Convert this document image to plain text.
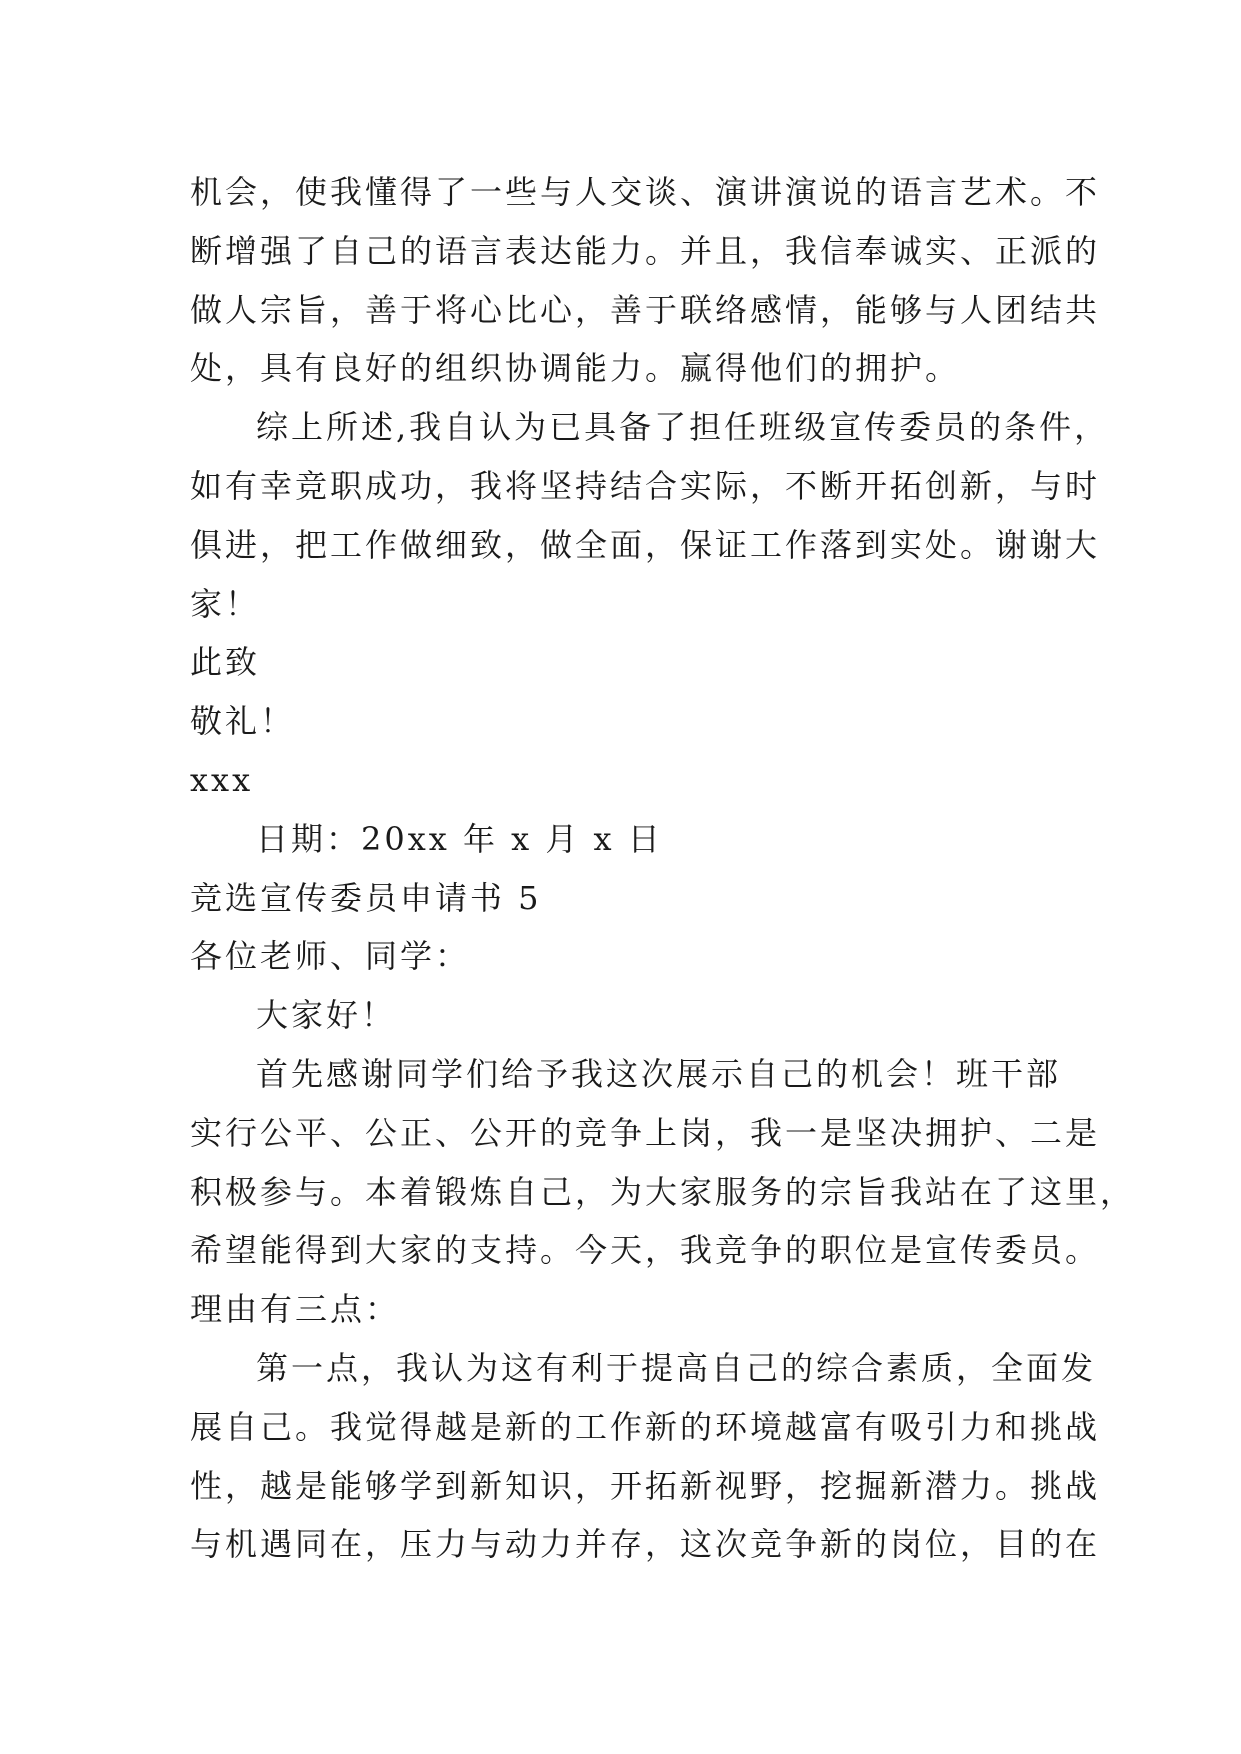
机会，使我懂得了一些与人交谈、演讲演说的语言艺术。不
断增强了自己的语言表达能力。并且，我信奉诚实、正派的
做人宗旨，善于将心比心，善于联络感情，能够与人团结共
处，具有良好的组织协调能力。赢得他们的拥护。
综上所述,我自认为已具备了担任班级宣传委员的条件，
如有幸竞职成功，我将坚持结合实际，不断开拓创新，与时
俱进，把工作做细致，做全面，保证工作落到实处。谢谢大
家！
此致
敬礼！
xxx
日期：20xx 年 x 月 x 日
竞选宣传委员申请书 5
各位老师、同学：
大家好！
首先感谢同学们给予我这次展示自己的机会！班干部
实行公平、公正、公开的竞争上岗，我一是坚决拥护、二是
积极参与。本着锻炼自己，为大家服务的宗旨我站在了这里，
希望能得到大家的支持。今天，我竞争的职位是宣传委员。
理由有三点：
第一点，我认为这有利于提高自己的综合素质，全面发
展自己。我觉得越是新的工作新的环境越富有吸引力和挑战
性，越是能够学到新知识，开拓新视野，挖掘新潜力。挑战
与机遇同在，压力与动力并存，这次竞争新的岗位，目的在
